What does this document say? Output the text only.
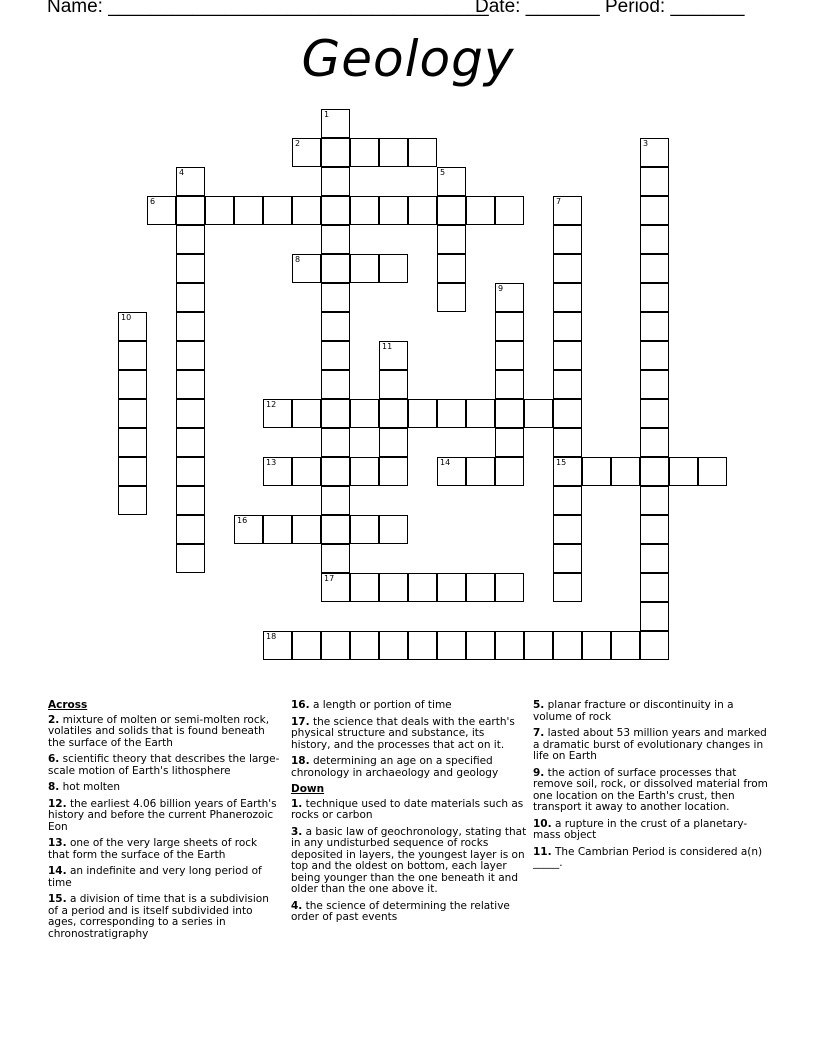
Name: ____________________________________
Date: _______ Period: _______
Geology
1
17
2	3
4	5
6	7
15
8
9
10
11
12
13	14
16
18
Across
2. mixture of molten or semi-molten rock, volatiles and solids that is found beneath the surface of the Earth
6. scientific theory that describes the large-scale motion of Earth's lithosphere
8. hot molten
12. the earliest 4.06 billion years of Earth's history and before the current Phanerozoic Eon
13. one of the very large sheets of rock that form the surface of the Earth
14. an indefinite and very long period of time
15. a division of time that is a subdivision of a period and is itself subdivided into ages, corresponding to a series in chronostratigraphy
16. a length or portion of time
17. the science that deals with the earth's physical structure and substance, its history, and the processes that act on it.
18. determining an age on a specified chronology in archaeology and geology
Down
1. technique used to date materials such as rocks or carbon
3. a basic law of geochronology, stating that in any undisturbed sequence of rocks deposited in layers, the youngest layer is on top and the oldest on bottom, each layer being younger than the one beneath it and older than the one above it.
4. the science of determining the relative order of past events
5. planar fracture or discontinuity in a volume of rock
7. lasted about 53 million years and marked a dramatic burst of evolutionary changes in life on Earth
9. the action of surface processes that remove soil, rock, or dissolved material from one location on the Earth's crust, then transport it away to another location.
10. a rupture in the crust of a planetary-mass object
11. The Cambrian Period is considered a(n) _____.
